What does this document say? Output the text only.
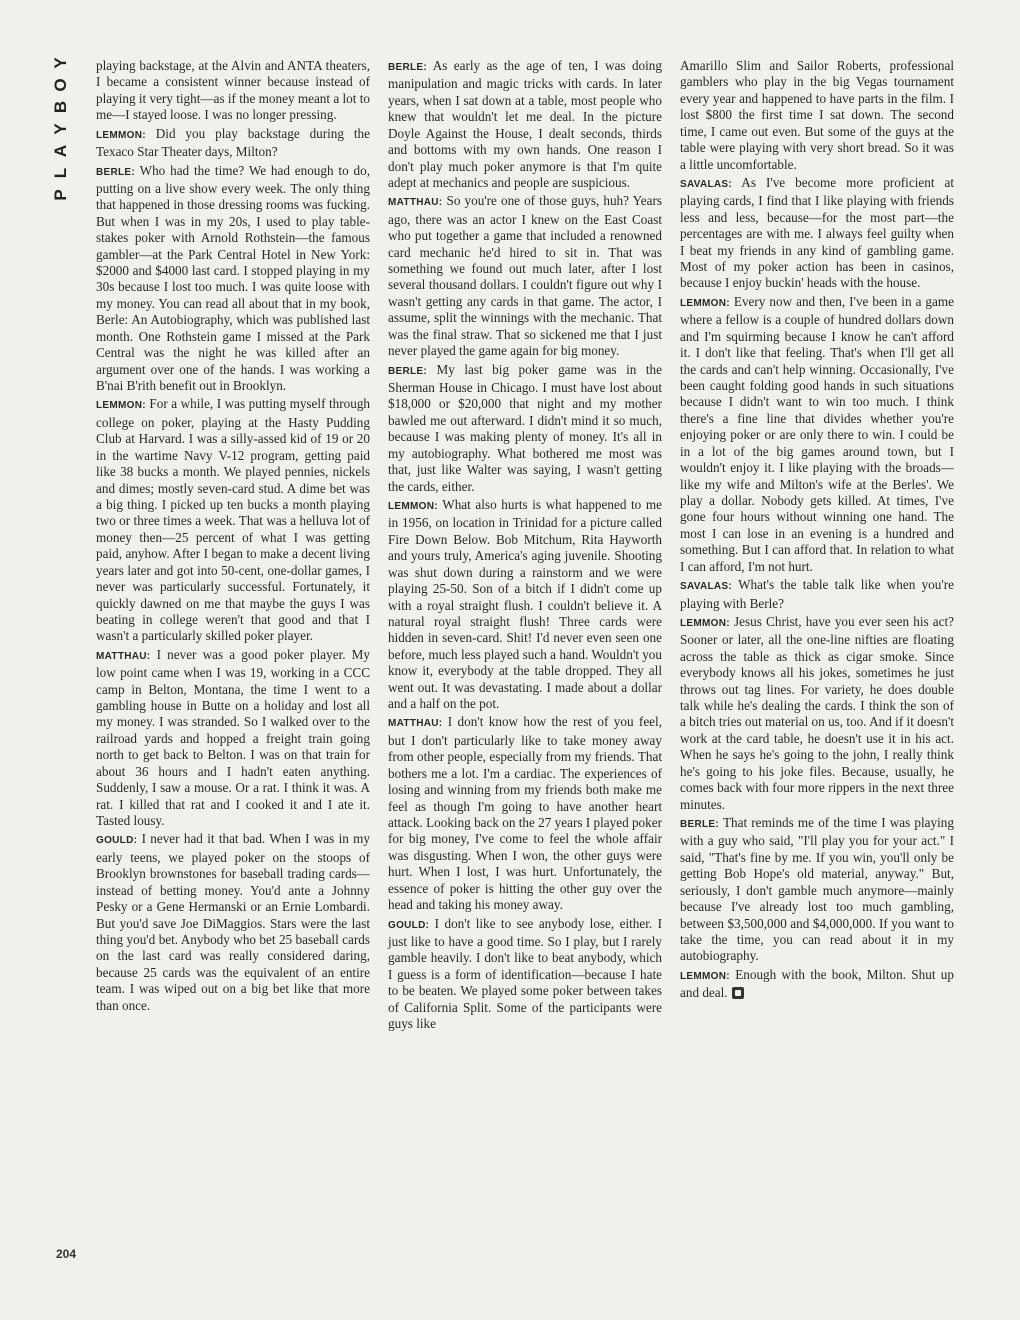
Y
O
B
Y
A
L
P

playing backstage, at the Alvin and ANTA theaters, I became a consistent winner because instead of playing it very tight—as if the money meant a lot to me—I stayed loose. I was no longer pressing.

LEMMON: Did you play backstage during the Texaco Star Theater days, Milton?

BERLE: Who had the time? We had enough to do, putting on a live show every week. The only thing that happened in those dressing rooms was fucking. But when I was in my 20s, I used to play table-stakes poker with Arnold Rothstein—the famous gambler—at the Park Central Hotel in New York: $2000 and $4000 last card. I stopped playing in my 30s because I lost too much. I was quite loose with my money. You can read all about that in my book, Berle: An Autobiography, which was published last month. One Rothstein game I missed at the Park Central was the night he was killed after an argument over one of the hands. I was working a B'nai B'rith benefit out in Brooklyn.

LEMMON: For a while, I was putting myself through college on poker, playing at the Hasty Pudding Club at Harvard. I was a silly-assed kid of 19 or 20 in the wartime Navy V-12 program, getting paid like 38 bucks a month. We played pennies, nickels and dimes; mostly seven-card stud. A dime bet was a big thing. I picked up ten bucks a month playing two or three times a week. That was a helluva lot of money then—25 percent of what I was getting paid, anyhow. After I began to make a decent living years later and got into 50-cent, one-dollar games, I never was particularly successful. Fortunately, it quickly dawned on me that maybe the guys I was beating in college weren't that good and that I wasn't a particularly skilled poker player.

MATTHAU: I never was a good poker player. My low point came when I was 19, working in a CCC camp in Belton, Montana, the time I went to a gambling house in Butte on a holiday and lost all my money. I was stranded. So I walked over to the railroad yards and hopped a freight train going north to get back to Belton. I was on that train for about 36 hours and I hadn't eaten anything. Suddenly, I saw a mouse. Or a rat. I think it was. A rat. I killed that rat and I cooked it and I ate it. Tasted lousy.

GOULD: I never had it that bad. When I was in my early teens, we played poker on the stoops of Brooklyn brownstones for baseball trading cards—instead of betting money. You'd ante a Johnny Pesky or a Gene Hermanski or an Ernie Lombardi. But you'd save Joe DiMaggios. Stars were the last thing you'd bet. Anybody who bet 25 baseball cards on the last card was really considered daring, because 25 cards was the equivalent of an entire team. I was wiped out on a big bet like that more than once.

BERLE: As early as the age of ten, I was doing manipulation and magic tricks with cards. In later years, when I sat down at a table, most people who knew that wouldn't let me deal. In the picture Doyle Against the House, I dealt seconds, thirds and bottoms with my own hands. One reason I don't play much poker anymore is that I'm quite adept at mechanics and people are suspicious.

MATTHAU: So you're one of those guys, huh? Years ago, there was an actor I knew on the East Coast who put together a game that included a renowned card mechanic he'd hired to sit in. That was something we found out much later, after I lost several thousand dollars. I couldn't figure out why I wasn't getting any cards in that game. The actor, I assume, split the winnings with the mechanic. That was the final straw. That so sickened me that I just never played the game again for big money.

BERLE: My last big poker game was in the Sherman House in Chicago. I must have lost about $18,000 or $20,000 that night and my mother bawled me out afterward. I didn't mind it so much, because I was making plenty of money. It's all in my autobiography. What bothered me most was that, just like Walter was saying, I wasn't getting the cards, either.

LEMMON: What also hurts is what happened to me in 1956, on location in Trinidad for a picture called Fire Down Below. Bob Mitchum, Rita Hayworth and yours truly, America's aging juvenile. Shooting was shut down during a rainstorm and we were playing 25-50. Son of a bitch if I didn't come up with a royal straight flush. I couldn't believe it. A natural royal straight flush! Three cards were hidden in seven-card. Shit! I'd never even seen one before, much less played such a hand. Wouldn't you know it, everybody at the table dropped. They all went out. It was devastating. I made about a dollar and a half on the pot.

MATTHAU: I don't know how the rest of you feel, but I don't particularly like to take money away from other people, especially from my friends. That bothers me a lot. I'm a cardiac. The experiences of losing and winning from my friends both make me feel as though I'm going to have another heart attack. Looking back on the 27 years I played poker for big money, I've come to feel the whole affair was disgusting. When I won, the other guys were hurt. When I lost, I was hurt. Unfortunately, the essence of poker is hitting the other guy over the head and taking his money away.

GOULD: I don't like to see anybody lose, either. I just like to have a good time. So I play, but I rarely gamble heavily. I don't like to beat anybody, which I guess is a form of identification—because I hate to be beaten. We played some poker between takes of California Split. Some of the participants were guys like

Amarillo Slim and Sailor Roberts, professional gamblers who play in the big Vegas tournament every year and happened to have parts in the film. I lost $800 the first time I sat down. The second time, I came out even. But some of the guys at the table were playing with very short bread. So it was a little uncomfortable.

SAVALAS: As I've become more proficient at playing cards, I find that I like playing with friends less and less, because—for the most part—the percentages are with me. I always feel guilty when I beat my friends in any kind of gambling game. Most of my poker action has been in casinos, because I enjoy buckin' heads with the house.

LEMMON: Every now and then, I've been in a game where a fellow is a couple of hundred dollars down and I'm squirming because I know he can't afford it. I don't like that feeling. That's when I'll get all the cards and can't help winning. Occasionally, I've been caught folding good hands in such situations because I didn't want to win too much. I think there's a fine line that divides whether you're enjoying poker or are only there to win. I could be in a lot of the big games around town, but I wouldn't enjoy it. I like playing with the broads—like my wife and Milton's wife at the Berles'. We play a dollar. Nobody gets killed. At times, I've gone four hours without winning one hand. The most I can lose in an evening is a hundred and something. But I can afford that. In relation to what I can afford, I'm not hurt.

SAVALAS: What's the table talk like when you're playing with Berle?

LEMMON: Jesus Christ, have you ever seen his act? Sooner or later, all the one-line nifties are floating across the table as thick as cigar smoke. Since everybody knows all his jokes, sometimes he just throws out tag lines. For variety, he does double talk while he's dealing the cards. I think the son of a bitch tries out material on us, too. And if it doesn't work at the card table, he doesn't use it in his act. When he says he's going to the john, I really think he's going to his joke files. Because, usually, he comes back with four more rippers in the next three minutes.

BERLE: That reminds me of the time I was playing with a guy who said, "I'll play you for your act." I said, "That's fine by me. If you win, you'll only be getting Bob Hope's old material, anyway." But, seriously, I don't gamble much anymore—mainly because I've already lost too much gambling, between $3,500,000 and $4,000,000. If you want to take the time, you can read about it in my autobiography.

LEMMON: Enough with the book, Milton. Shut up and deal.

204
